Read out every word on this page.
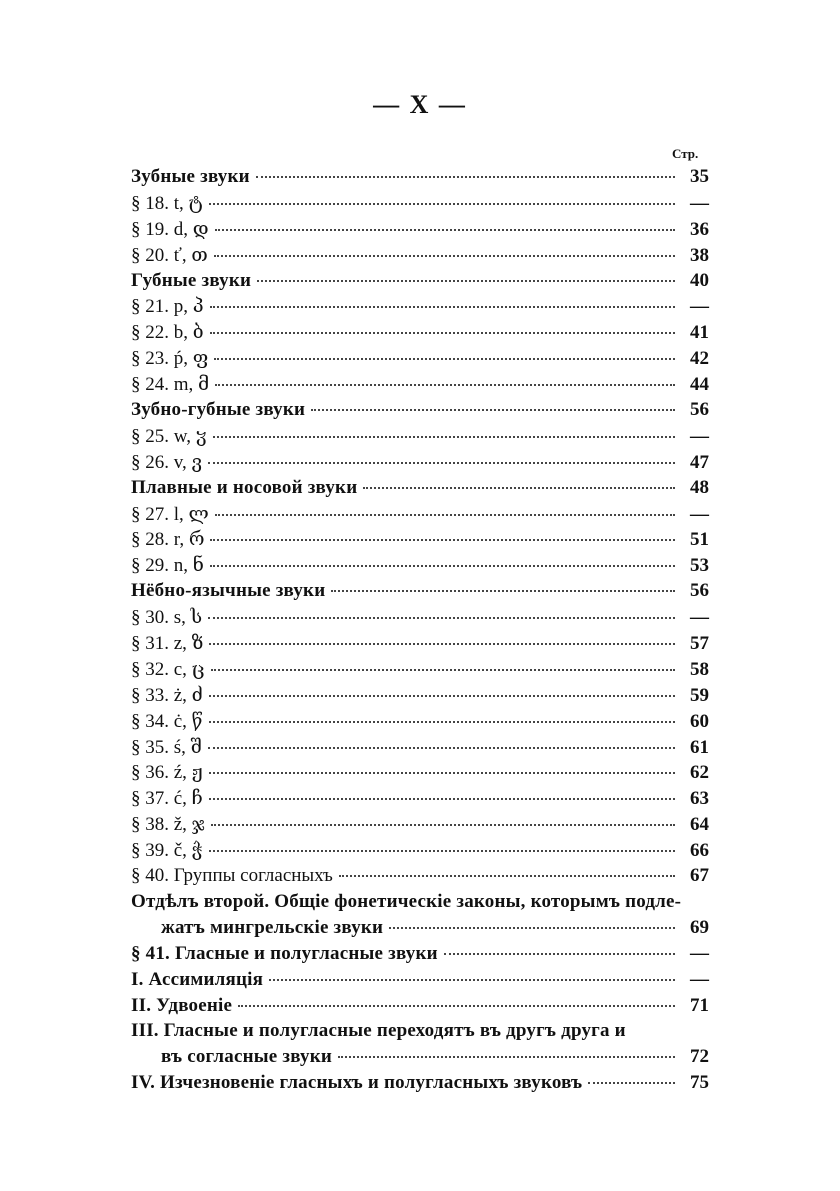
— X —
Стр.
Зубные звуки	35
§ 18. t, ტ	—
§ 19. d, დ	36
§ 20. ť, თ	38
Губные звуки	40
§ 21. p, პ	—
§ 22. b, ბ	41
§ 23. ṕ, ფ	42
§ 24. m, მ	44
Зубно-губные звуки	56
§ 25. w, ჳ	—
§ 26. v, ვ	47
Плавные и носовой звуки	48
§ 27. l, ლ	—
§ 28. r, რ	51
§ 29. n, ნ	53
Нёбно-язычные звуки	56
§ 30. s, ს	—
§ 31. z, ზ	57
§ 32. c, ც	58
§ 33. ż, ძ	59
§ 34. ċ, წ	60
§ 35. ś, შ	61
§ 36. ź, ჟ	62
§ 37. ć, ჩ	63
§ 38. ž, ჯ	64
§ 39. č, ჭ	66
§ 40. Группы согласныхъ	67
Отдѣлъ второй. Общіе фонетическіе законы, которымъ подле-
жатъ мингрельскіе звуки	69
§ 41. Гласные и полугласные звуки	—
I. Ассимиляція	—
II. Удвоеніе	71
III. Гласные и полугласные переходятъ въ другъ друга и
въ согласные звуки	72
IV. Изчезновеніе гласныхъ и полугласныхъ звуковъ	75
